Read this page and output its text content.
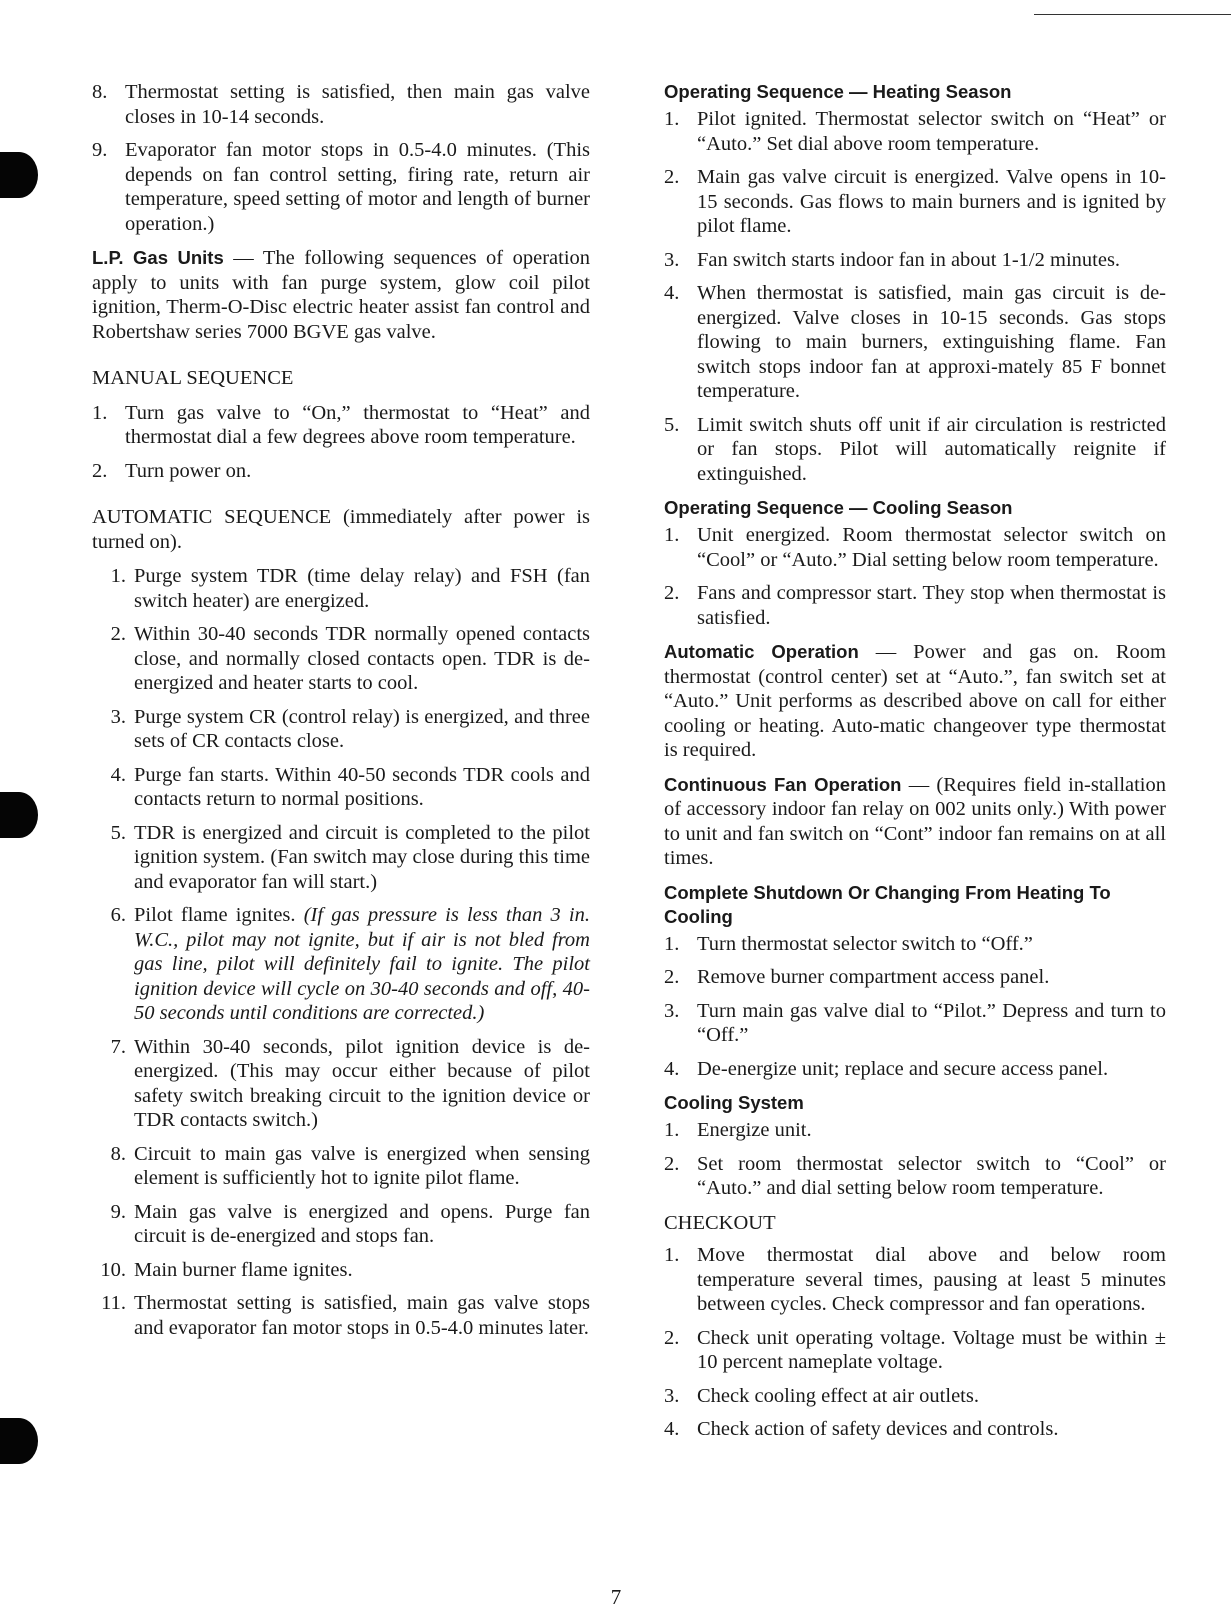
8. Thermostat setting is satisfied, then main gas valve closes in 10-14 seconds.
9. Evaporator fan motor stops in 0.5-4.0 minutes. (This depends on fan control setting, firing rate, return air temperature, speed setting of motor and length of burner operation.)

L.P. Gas Units — The following sequences of operation apply to units with fan purge system, glow coil pilot ignition, Therm-O-Disc electric heater assist fan control and Robertshaw series 7000 BGVE gas valve.

MANUAL SEQUENCE

1. Turn gas valve to “On,” thermostat to “Heat” and thermostat dial a few degrees above room temperature.
2. Turn power on.

AUTOMATIC SEQUENCE (immediately after power is turned on).

1. Purge system TDR (time delay relay) and FSH (fan switch heater) are energized.
2. Within 30-40 seconds TDR normally opened contacts close, and normally closed contacts open. TDR is de-energized and heater starts to cool.
3. Purge system CR (control relay) is energized, and three sets of CR contacts close.
4. Purge fan starts. Within 40-50 seconds TDR cools and contacts return to normal positions.
5. TDR is energized and circuit is completed to the pilot ignition system. (Fan switch may close during this time and evaporator fan will start.)
6. Pilot flame ignites. (If gas pressure is less than 3 in. W.C., pilot may not ignite, but if air is not bled from gas line, pilot will definitely fail to ignite. The pilot ignition device will cycle on 30-40 seconds and off, 40-50 seconds until conditions are corrected.)
7. Within 30-40 seconds, pilot ignition device is de-energized. (This may occur either because of pilot safety switch breaking circuit to the ignition device or TDR contacts switch.)
8. Circuit to main gas valve is energized when sensing element is sufficiently hot to ignite pilot flame.
9. Main gas valve is energized and opens. Purge fan circuit is de-energized and stops fan.
10. Main burner flame ignites.
11. Thermostat setting is satisfied, main gas valve stops and evaporator fan motor stops in 0.5-4.0 minutes later.
Operating Sequence — Heating Season
1. Pilot ignited. Thermostat selector switch on “Heat” or “Auto.” Set dial above room temperature.
2. Main gas valve circuit is energized. Valve opens in 10-15 seconds. Gas flows to main burners and is ignited by pilot flame.
3. Fan switch starts indoor fan in about 1-1/2 minutes.
4. When thermostat is satisfied, main gas circuit is de-energized. Valve closes in 10-15 seconds. Gas stops flowing to main burners, extinguishing flame. Fan switch stops indoor fan at approxi-mately 85 F bonnet temperature.
5. Limit switch shuts off unit if air circulation is restricted or fan stops. Pilot will automatically reignite if extinguished.
Operating Sequence — Cooling Season
1. Unit energized. Room thermostat selector switch on “Cool” or “Auto.” Dial setting below room temperature.
2. Fans and compressor start. They stop when thermostat is satisfied.

Automatic Operation — Power and gas on. Room thermostat (control center) set at “Auto.”, fan switch set at “Auto.” Unit performs as described above on call for either cooling or heating. Auto-matic changeover type thermostat is required.

Continuous Fan Operation — (Requires field in-stallation of accessory indoor fan relay on 002 units only.) With power to unit and fan switch on “Cont” indoor fan remains on at all times.

Complete Shutdown Or Changing From Heating To Cooling
1. Turn thermostat selector switch to “Off.”
2. Remove burner compartment access panel.
3. Turn main gas valve dial to “Pilot.” Depress and turn to “Off.”
4. De-energize unit; replace and secure access panel.
Cooling System
1. Energize unit.
2. Set room thermostat selector switch to “Cool” or “Auto.” and dial setting below room temperature.

CHECKOUT

1. Move thermostat dial above and below room temperature several times, pausing at least 5 minutes between cycles. Check compressor and fan operations.
2. Check unit operating voltage. Voltage must be within ± 10 percent nameplate voltage.
3. Check cooling effect at air outlets.
4. Check action of safety devices and controls.
7
